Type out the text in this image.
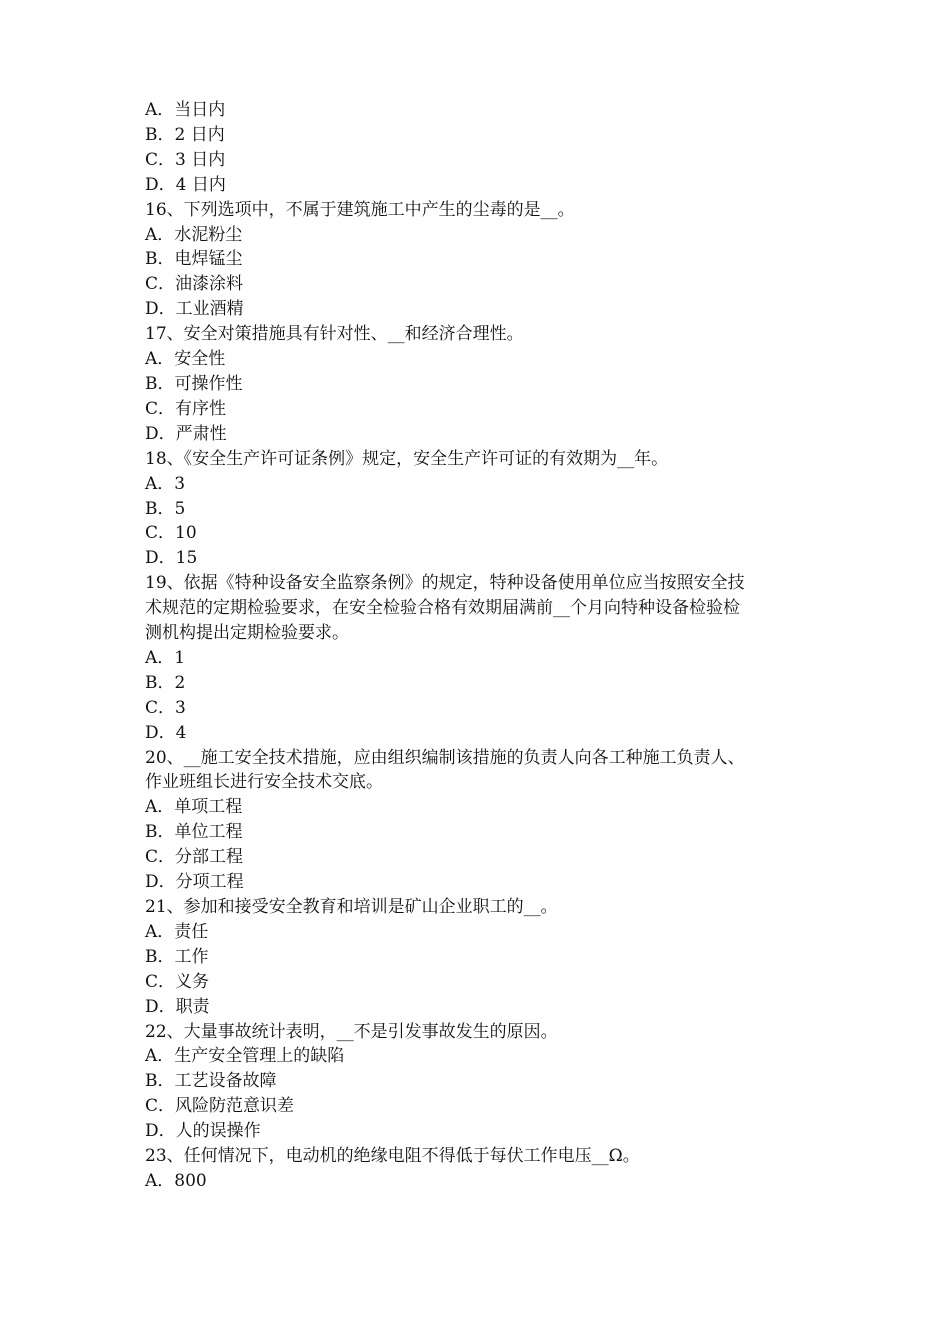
A．当日内
B．2 日内
C．3 日内
D．4 日内
16、下列选项中，不属于建筑施工中产生的尘毒的是__。
A．水泥粉尘
B．电焊锰尘
C．油漆涂料
D．工业酒精
17、安全对策措施具有针对性、__和经济合理性。
A．安全性
B．可操作性
C．有序性
D．严肃性
18、《安全生产许可证条例》规定，安全生产许可证的有效期为__年。
A．3
B．5
C．10
D．15
19、依据《特种设备安全监察条例》的规定，特种设备使用单位应当按照安全技
术规范的定期检验要求，在安全检验合格有效期届满前__个月向特种设备检验检
测机构提出定期检验要求。
A．1
B．2
C．3
D．4
20、__施工安全技术措施，应由组织编制该措施的负责人向各工种施工负责人、
作业班组长进行安全技术交底。
A．单项工程
B．单位工程
C．分部工程
D．分项工程
21、参加和接受安全教育和培训是矿山企业职工的__。
A．责任
B．工作
C．义务
D．职责
22、大量事故统计表明，__不是引发事故发生的原因。
A．生产安全管理上的缺陷
B．工艺设备故障
C．风险防范意识差
D．人的误操作
23、任何情况下，电动机的绝缘电阻不得低于每伏工作电压__Ω。
A．800
